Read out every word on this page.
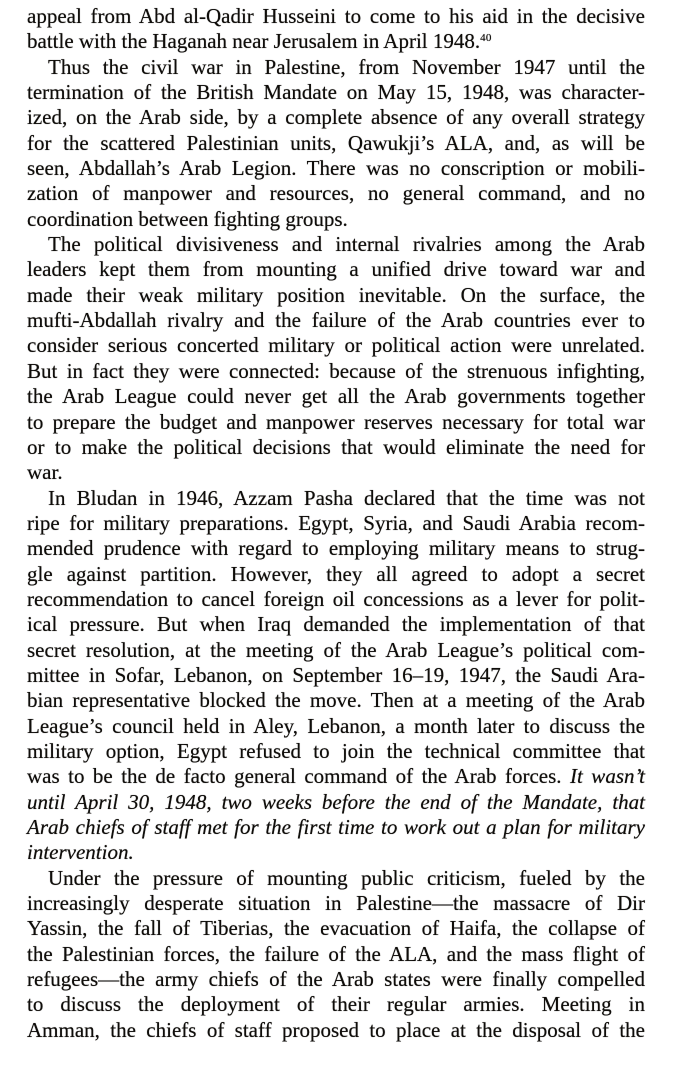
appeal from Abd al-Qadir Husseini to come to his aid in the decisive
battle with the Haganah near Jerusalem in April 1948.40
Thus the civil war in Palestine, from November 1947 until the
termination of the British Mandate on May 15, 1948, was character-
ized, on the Arab side, by a complete absence of any overall strategy
for the scattered Palestinian units, Qawukji’s ALA, and, as will be
seen, Abdallah’s Arab Legion. There was no conscription or mobili-
zation of manpower and resources, no general command, and no
coordination between fighting groups.
The political divisiveness and internal rivalries among the Arab
leaders kept them from mounting a unified drive toward war and
made their weak military position inevitable. On the surface, the
mufti-Abdallah rivalry and the failure of the Arab countries ever to
consider serious concerted military or political action were unrelated.
But in fact they were connected: because of the strenuous infighting,
the Arab League could never get all the Arab governments together
to prepare the budget and manpower reserves necessary for total war
or to make the political decisions that would eliminate the need for
war.
In Bludan in 1946, Azzam Pasha declared that the time was not
ripe for military preparations. Egypt, Syria, and Saudi Arabia recom-
mended prudence with regard to employing military means to strug-
gle against partition. However, they all agreed to adopt a secret
recommendation to cancel foreign oil concessions as a lever for polit-
ical pressure. But when Iraq demanded the implementation of that
secret resolution, at the meeting of the Arab League’s political com-
mittee in Sofar, Lebanon, on September 16–19, 1947, the Saudi Ara-
bian representative blocked the move. Then at a meeting of the Arab
League’s council held in Aley, Lebanon, a month later to discuss the
military option, Egypt refused to join the technical committee that
was to be the de facto general command of the Arab forces. It wasn’t
until April 30, 1948, two weeks before the end of the Mandate, that
Arab chiefs of staff met for the first time to work out a plan for military
intervention.
Under the pressure of mounting public criticism, fueled by the
increasingly desperate situation in Palestine—the massacre of Dir
Yassin, the fall of Tiberias, the evacuation of Haifa, the collapse of
the Palestinian forces, the failure of the ALA, and the mass flight of
refugees—the army chiefs of the Arab states were finally compelled
to discuss the deployment of their regular armies. Meeting in
Amman, the chiefs of staff proposed to place at the disposal of the
